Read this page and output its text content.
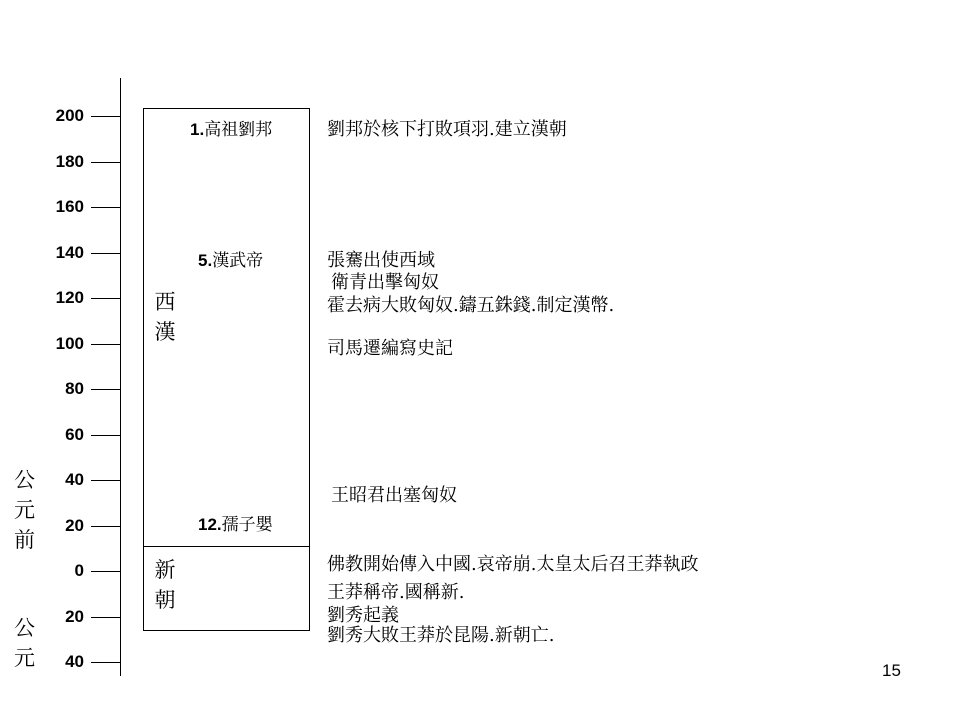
200
180
160
140
120
100
80
60
40
20
0
20
40
公
元
前
公
元
西
漢
新
朝
1.高祖劉邦
5.漢武帝
12.孺子嬰
劉邦於核下打敗項羽.建立漢朝
張騫出使西域
衛青出擊匈奴
霍去病大敗匈奴.鑄五銖錢.制定漢幣.
司馬遷編寫史記
王昭君出塞匈奴
佛教開始傳入中國.哀帝崩.太皇太后召王莽執政
王莽稱帝.國稱新.
劉秀起義
劉秀大敗王莽於昆陽.新朝亡.
15
